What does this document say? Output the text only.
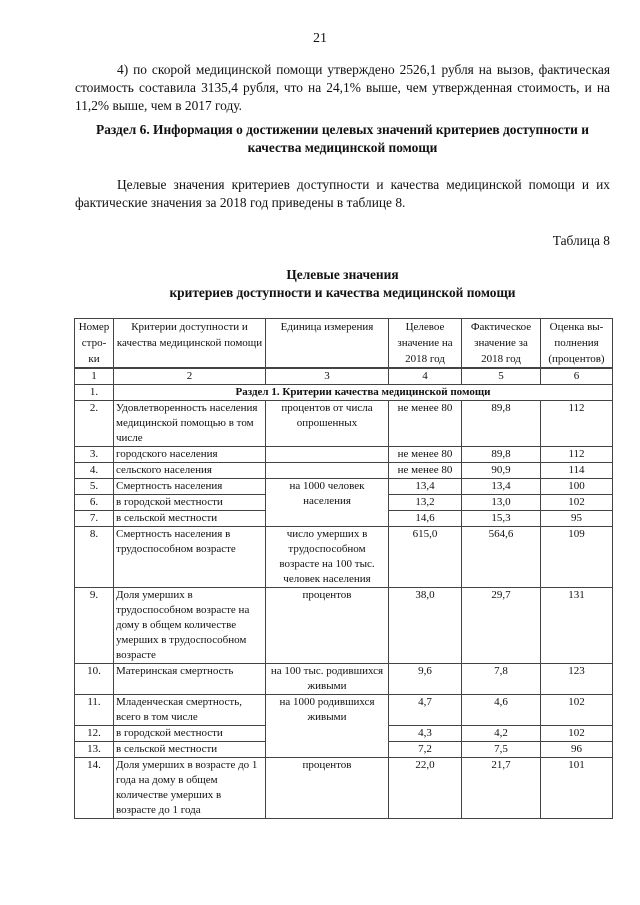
21
4) по скорой медицинской помощи утверждено 2526,1 рубля на вызов, фактическая стоимость составила 3135,4 рубля, что на 24,1% выше, чем утвержденная стоимость, и на 11,2% выше, чем в 2017 году.
Раздел 6. Информация о достижении целевых значений критериев доступности и качества медицинской помощи
Целевые значения критериев доступности и качества медицинской помощи и их фактические значения за 2018 год приведены в таблице 8.
Таблица 8
Целевые значения
критериев доступности и качества медицинской помощи
Номер стро-ки	Критерии доступности и качества медицинской помощи	Единица измерения	Целевое значение на 2018 год	Фактическое значение за 2018 год	Оценка вы-полнения (процентов)
1	2	3	4	5	6
1.	Раздел 1. Критерии качества медицинской помощи				
2.	Удовлетворенность населения медицинской помощью в том числе	процентов от числа опрошенных	не менее 80	89,8	112
3.	городского населения		не менее 80	89,8	112
4.	сельского населения		не менее 80	90,9	114
5.	Смертность населения	на 1000 человек населения	13,4	13,4	100
6.	в городской местности		13,2	13,0	102
7.	в сельской местности		14,6	15,3	95
8.	Смертность населения в трудоспособном возрасте	число умерших в трудоспособном возрасте на 100 тыс. человек населения	615,0	564,6	109
9.	Доля умерших в трудоспособном возрасте на дому в общем количестве умерших в трудоспособном возрасте	процентов	38,0	29,7	131
10.	Материнская смертность	на 100 тыс. родившихся живыми	9,6	7,8	123
11.	Младенческая смертность, всего в том числе	на 1000 родившихся живыми	4,7	4,6	102
12.	в городской местности		4,3	4,2	102
13.	в сельской местности		7,2	7,5	96
14.	Доля умерших в возрасте до 1 года на дому в общем количестве умерших в возрасте до 1 года	процентов	22,0	21,7	101
